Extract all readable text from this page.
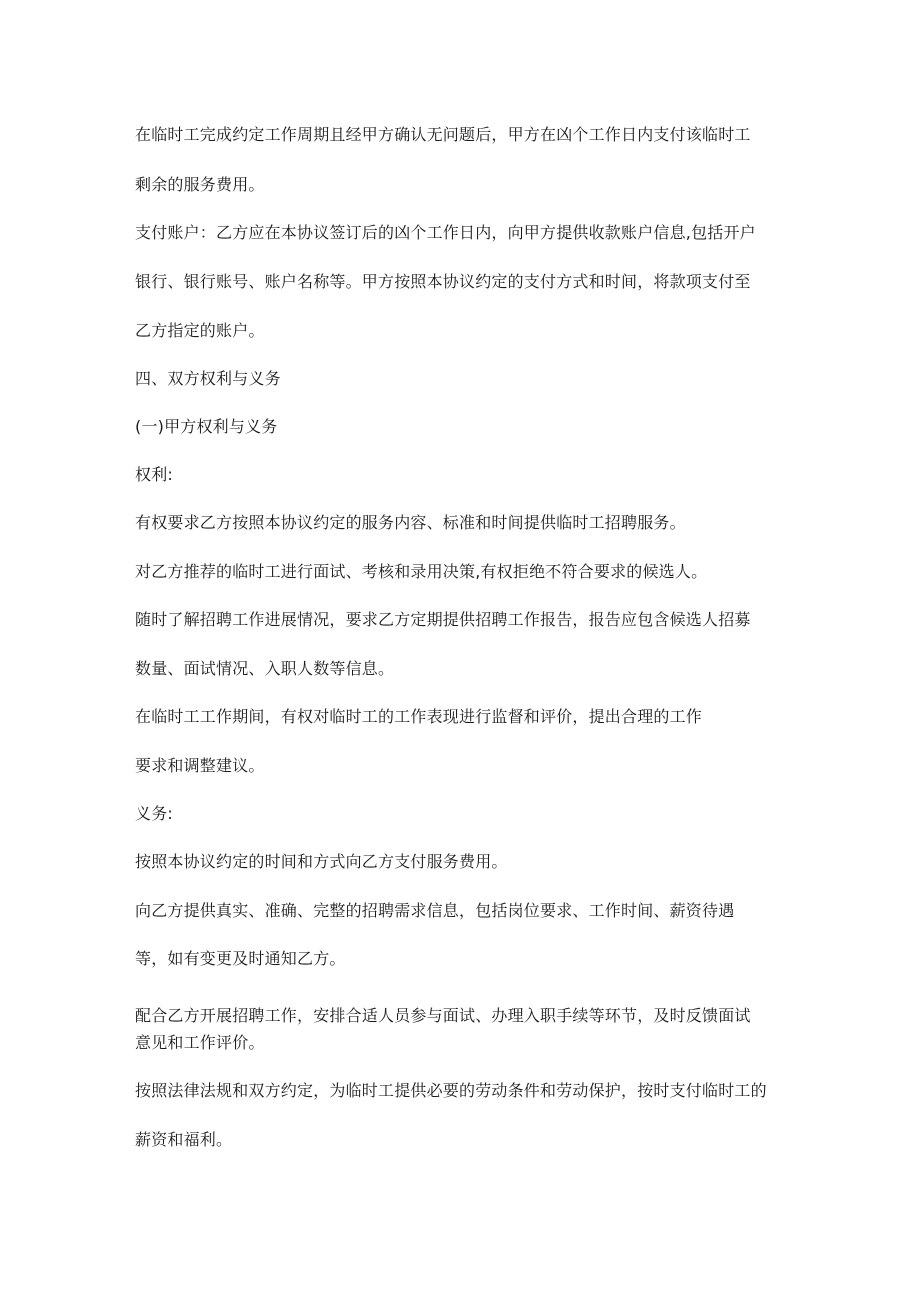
在临时工完成约定工作周期且经甲方确认无问题后，甲方在凶个工作日内支付该临时工
剩余的服务费用。
支付账户：乙方应在本协议签订后的凶个工作日内，向甲方提供收款账户信息,包括开户
银行、银行账号、账户名称等。甲方按照本协议约定的支付方式和时间，将款项支付至
乙方指定的账户。
四、双方权利与义务
(一)甲方权利与义务
权利:
有权要求乙方按照本协议约定的服务内容、标准和时间提供临时工招聘服务。
对乙方推荐的临时工进行面试、考核和录用决策,有权拒绝不符合要求的候选人。
随时了解招聘工作进展情况，要求乙方定期提供招聘工作报告，报告应包含候选人招募
数量、面试情况、入职人数等信息。
在临时工工作期间，有权对临时工的工作表现进行监督和评价，提出合理的工作
要求和调整建议。
义务:
按照本协议约定的时间和方式向乙方支付服务费用。
向乙方提供真实、准确、完整的招聘需求信息，包括岗位要求、工作时间、薪资待遇
等，如有变更及时通知乙方。
配合乙方开展招聘工作，安排合适人员参与面试、办理入职手续等环节，及时反馈面试
意见和工作评价。
按照法律法规和双方约定，为临时工提供必要的劳动条件和劳动保护，按时支付临时工的
薪资和福利。
